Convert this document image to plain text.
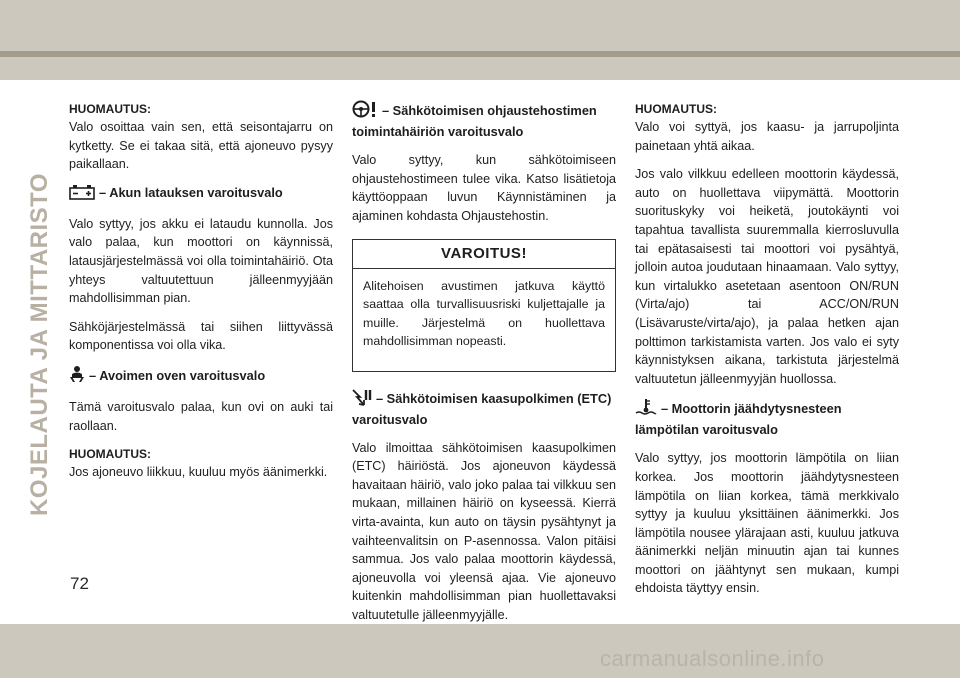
KOJELAUTA JA MITTARISTO
HUOMAUTUS:

Valo osoittaa vain sen, että seisontajarru on kytketty. Se ei takaa sitä, että ajoneuvo pysyy paikallaan.

– Akun latauksen varoitusvalo

Valo syttyy, jos akku ei lataudu kunnolla. Jos valo palaa, kun moottori on käynnissä, latausjärjestelmässä voi olla toimintahäiriö. Ota yhteys valtuutettuun jälleenmyyjään mahdollisimman pian.

Sähköjärjestelmässä tai siihen liittyvässä komponentissa voi olla vika.

– Avoimen oven varoitusvalo

Tämä varoitusvalo palaa, kun ovi on auki tai raollaan.

HUOMAUTUS:

Jos ajoneuvo liikkuu, kuuluu myös äänimerkki.

– Sähkötoimisen ohjaustehostimen toimintahäiriön varoitusvalo

Valo syttyy, kun sähkötoimiseen ohjaustehostimeen tulee vika. Katso lisätietoja käyttöoppaan luvun Käynnistäminen ja ajaminen kohdasta Ohjaustehostin.

VAROITUS!

Alitehoisen avustimen jatkuva käyttö saattaa olla turvallisuusriski kuljettajalle ja muille. Järjestelmä on huollettava mahdollisimman nopeasti.

– Sähkötoimisen kaasupolkimen (ETC) varoitusvalo

Valo ilmoittaa sähkötoimisen kaasupolkimen (ETC) häiriöstä. Jos ajoneuvon käydessä havaitaan häiriö, valo joko palaa tai vilkkuu sen mukaan, millainen häiriö on kyseessä. Kierrä virta-avainta, kun auto on täysin pysähtynyt ja vaihteenvalitsin on P-asennossa. Valon pitäisi sammua. Jos valo palaa moottorin käydessä, ajoneuvolla voi yleensä ajaa. Vie ajoneuvo kuitenkin mahdollisimman pian huollettavaksi valtuutetulle jälleenmyyjälle.

HUOMAUTUS:

Valo voi syttyä, jos kaasu- ja jarrupoljinta painetaan yhtä aikaa.

Jos valo vilkkuu edelleen moottorin käydessä, auto on huollettava viipymättä. Moottorin suorituskyky voi heiketä, joutokäynti voi tapahtua tavallista suuremmalla kierrosluvulla tai epätasaisesti tai moottori voi pysähtyä, jolloin autoa joudutaan hinaamaan. Valo syttyy, kun virtalukko asetetaan asentoon ON/RUN (Virta/ajo) tai ACC/ON/RUN (Lisävaruste/virta/ajo), ja palaa hetken ajan polttimon tarkistamista varten. Jos valo ei syty käynnistyksen aikana, tarkistuta järjestelmä valtuutetun jälleenmyyjän huollossa.

– Moottorin jäähdytysnesteen lämpötilan varoitusvalo

Valo syttyy, jos moottorin lämpötila on liian korkea. Jos moottorin jäähdytysnesteen lämpötila on liian korkea, tämä merkkivalo syttyy ja kuuluu yksittäinen äänimerkki. Jos lämpötila nousee ylärajaan asti, kuuluu jatkuva äänimerkki neljän minuutin ajan tai kunnes moottori on jäähtynyt sen mukaan, kumpi ehdoista täyttyy ensin.

72
carmanualsonline.info
